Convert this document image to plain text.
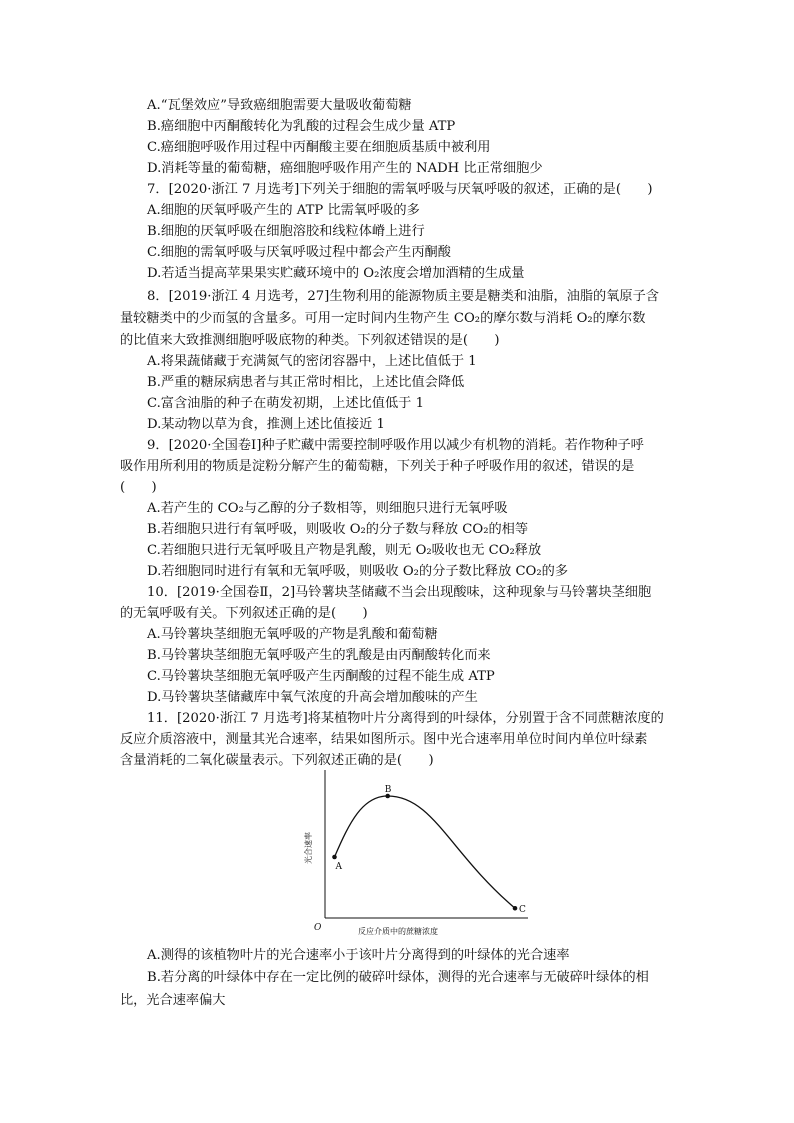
A.“瓦堡效应”导致癌细胞需要大量吸收葡萄糖
B.癌细胞中丙酮酸转化为乳酸的过程会生成少量 ATP
C.癌细胞呼吸作用过程中丙酮酸主要在细胞质基质中被利用
D.消耗等量的葡萄糖，癌细胞呼吸作用产生的 NADH 比正常细胞少
7．[2020·浙江 7 月选考]下列关于细胞的需氧呼吸与厌氧呼吸的叙述，正确的是(　　)
A.细胞的厌氧呼吸产生的 ATP 比需氧呼吸的多
B.细胞的厌氧呼吸在细胞溶胶和线粒体嵴上进行
C.细胞的需氧呼吸与厌氧呼吸过程中都会产生丙酮酸
D.若适当提高苹果果实贮藏环境中的 O₂浓度会增加酒精的生成量
8．[2019·浙江 4 月选考，27]生物利用的能源物质主要是糖类和油脂，油脂的氧原子含
量较糖类中的少而氢的含量多。可用一定时间内生物产生 CO₂的摩尔数与消耗 O₂的摩尔数
的比值来大致推测细胞呼吸底物的种类。下列叙述错误的是(　　)
A.将果蔬储藏于充满氮气的密闭容器中，上述比值低于 1
B.严重的糖尿病患者与其正常时相比，上述比值会降低
C.富含油脂的种子在萌发初期，上述比值低于 1
D.某动物以草为食，推测上述比值接近 1
9．[2020·全国卷Ⅰ]种子贮藏中需要控制呼吸作用以减少有机物的消耗。若作物种子呼
吸作用所利用的物质是淀粉分解产生的葡萄糖，下列关于种子呼吸作用的叙述，错误的是
(　　)
A.若产生的 CO₂与乙醇的分子数相等，则细胞只进行无氧呼吸
B.若细胞只进行有氧呼吸，则吸收 O₂的分子数与释放 CO₂的相等
C.若细胞只进行无氧呼吸且产物是乳酸，则无 O₂吸收也无 CO₂释放
D.若细胞同时进行有氧和无氧呼吸，则吸收 O₂的分子数比释放 CO₂的多
10．[2019·全国卷Ⅱ，2]马铃薯块茎储藏不当会出现酸味，这种现象与马铃薯块茎细胞
的无氧呼吸有关。下列叙述正确的是(　　)
A.马铃薯块茎细胞无氧呼吸的产物是乳酸和葡萄糖
B.马铃薯块茎细胞无氧呼吸产生的乳酸是由丙酮酸转化而来
C.马铃薯块茎细胞无氧呼吸产生丙酮酸的过程不能生成 ATP
D.马铃薯块茎储藏库中氧气浓度的升高会增加酸味的产生
11．[2020·浙江 7 月选考]将某植物叶片分离得到的叶绿体，分别置于含不同蔗糖浓度的
反应介质溶液中，测量其光合速率，结果如图所示。图中光合速率用单位时间内单位叶绿素
含量消耗的二氧化碳量表示。下列叙述正确的是(　　)
A
B
C
O	反应介质中的蔗糖浓度
光合速率
A.测得的该植物叶片的光合速率小于该叶片分离得到的叶绿体的光合速率
B.若分离的叶绿体中存在一定比例的破碎叶绿体，测得的光合速率与无破碎叶绿体的相
比，光合速率偏大
